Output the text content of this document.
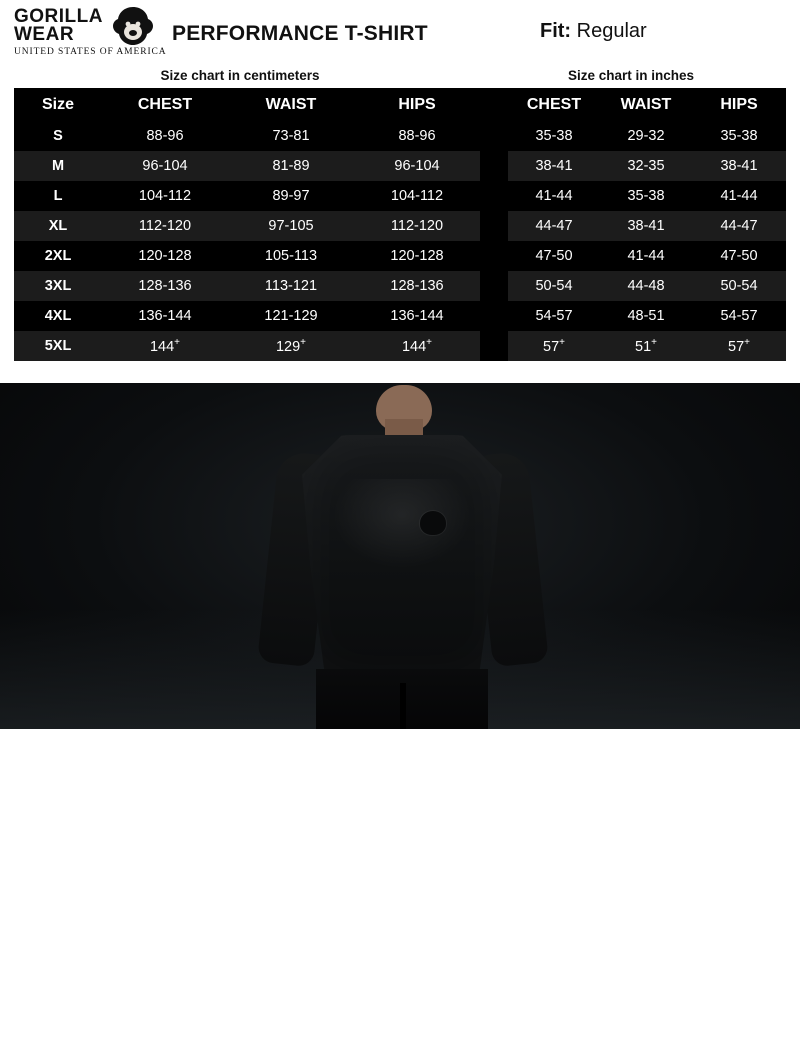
GORILLA
WEAR
UNITED STATES OF AMERICA
PERFORMANCE T-SHIRT	Fit: Regular
Size chart in centimeters	Size chart in inches
Size	CHEST	WAIST	HIPS		CHEST	WAIST	HIPS
S	88-96	73-81	88-96		35-38	29-32	35-38
M	96-104	81-89	96-104		38-41	32-35	38-41
L	104-112	89-97	104-112		41-44	35-38	41-44
XL	112-120	97-105	112-120		44-47	38-41	44-47
2XL	120-128	105-113	120-128		47-50	41-44	47-50
3XL	128-136	113-121	128-136		50-54	44-48	50-54
4XL	136-144	121-129	136-144		54-57	48-51	54-57
5XL	144+	129+	144+		57+	51+	57+
Chest

To measure the chest circumference, place the measuring tape around the chest, under the armpits and over your nipples. Do not tighten too tightly.

Waist

To measure the waist circumference, place the measuring tape around the narrowest part of your waist.

Hips

To measure the hips circumference, place the measuring tape around the fullest part of your hips.
